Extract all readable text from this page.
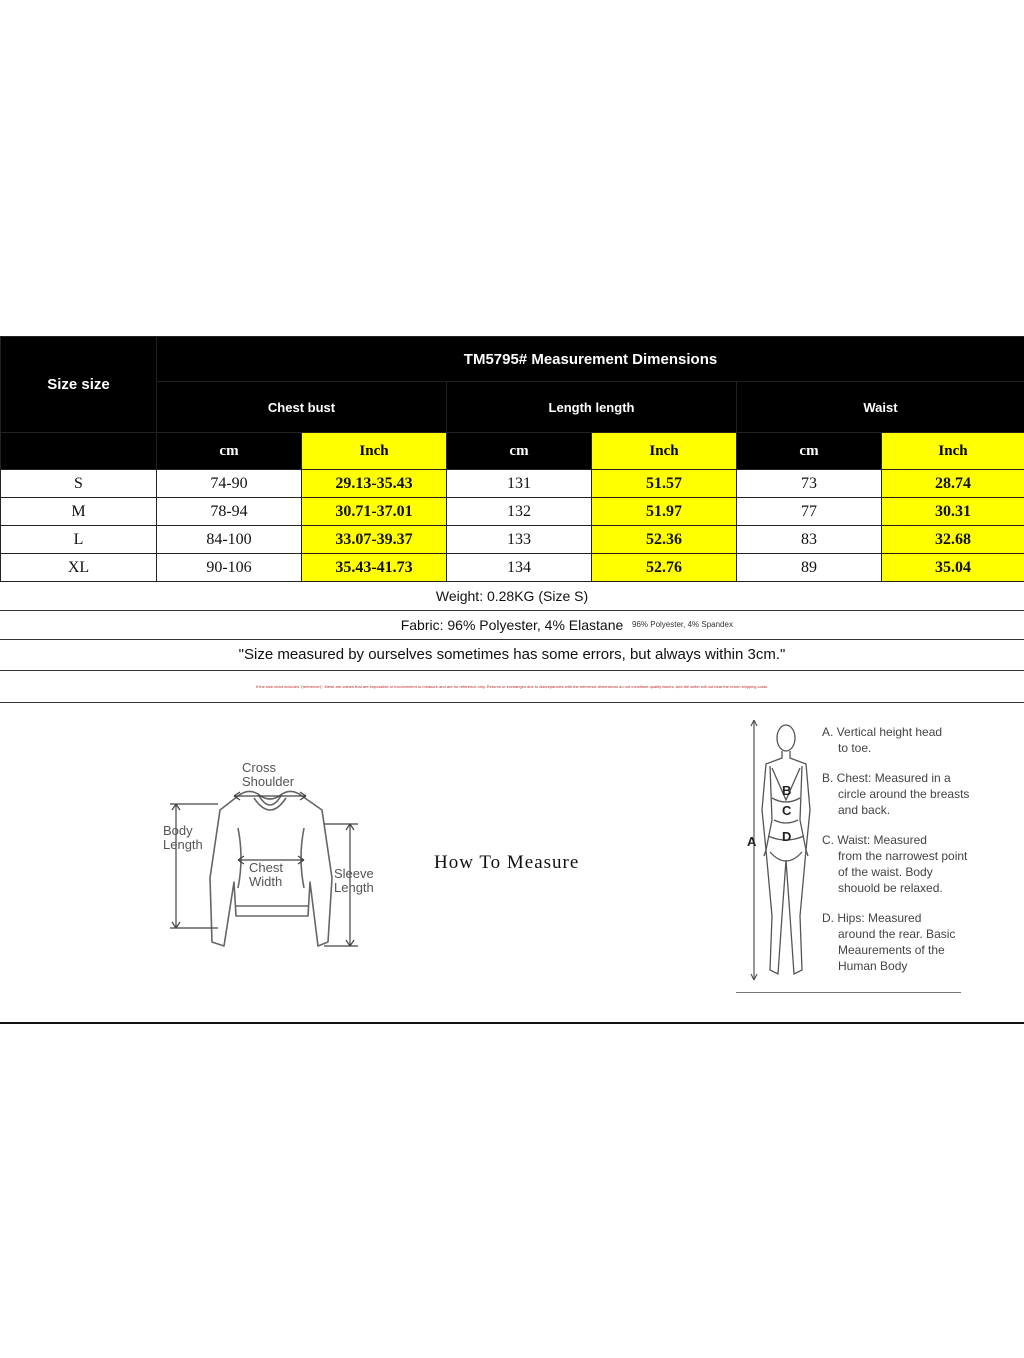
Size size	TM5795# Measurement Dimensions					
	Chest bust		Length length		Waist	
	cm	Inch	cm	Inch	cm	Inch
S	74-90	29.13-35.43	131	51.57	73	28.74
M	78-94	30.71-37.01	132	51.97	77	30.31
L	84-100	33.07-39.37	133	52.36	83	32.68
XL	90-106	35.43-41.73	134	52.76	89	35.04
Weight: 0.28KG (Size S)
Fabric: 96% Polyester, 4% Elastane 96% Polyester, 4% Spandex
"Size measured by ourselves sometimes has some errors, but always within 3cm."
If the size chart includes "(reference)", these are values that are impossible or inconvenient to measure and are for reference only. Returns or exchanges due to discrepancies with the reference dimensions do not constitute quality issues, and the seller will not bear the return shipping costs.
Cross Shoulder
Body Length
Chest Width
Sleeve Length
How To Measure
A
B
C
D

A. Vertical height head
to toe.

B. Chest: Measured in a
circle around the breasts and back.

C. Waist: Measured
from the narrowest point of the waist. Body shouold be relaxed.

D. Hips: Measured
around the rear. Basic Meaurements of the Human Body
